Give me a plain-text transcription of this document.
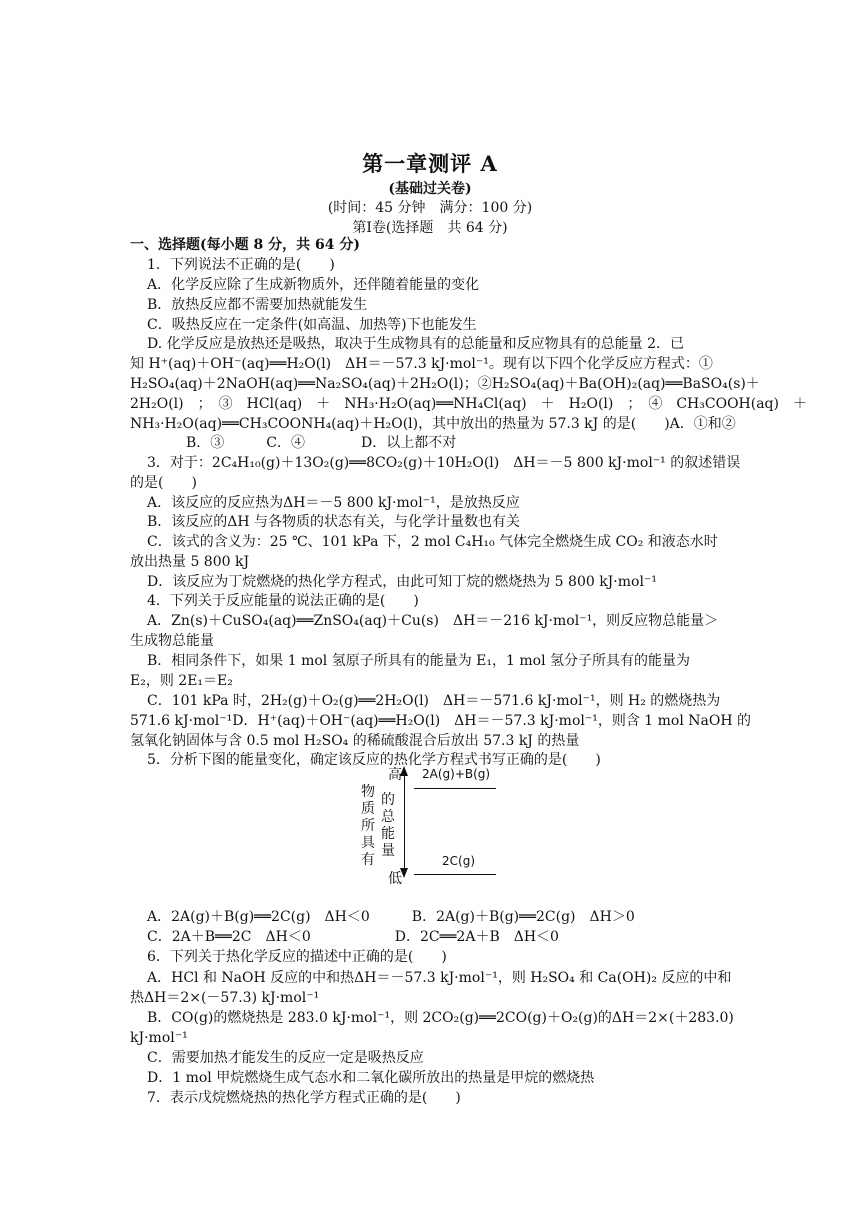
第一章测评 A
(基础过关卷)
(时间：45 分钟　满分：100 分)
第Ⅰ卷(选择题　共 64 分)
一、选择题(每小题 8 分，共 64 分)
1．下列说法不正确的是(　　)
A．化学反应除了生成新物质外，还伴随着能量的变化
B．放热反应都不需要加热就能发生
C．吸热反应在一定条件(如高温、加热等)下也能发生
D. 化学反应是放热还是吸热，取决于生成物具有的总能量和反应物具有的总能量 2．已
知 H⁺(aq)＋OH⁻(aq)══H₂O(l)　ΔH＝－57.3 kJ·mol⁻¹。现有以下四个化学反应方程式：①
H₂SO₄(aq)＋2NaOH(aq)══Na₂SO₄(aq)＋2H₂O(l)；②H₂SO₄(aq)＋Ba(OH)₂(aq)══BaSO₄(s)＋
2H₂O(l)　；　③　HCl(aq)　＋　NH₃·H₂O(aq)══NH₄Cl(aq)　＋　H₂O(l)　；　④　CH₃COOH(aq)　＋
NH₃·H₂O(aq)══CH₃COONH₄(aq)＋H₂O(l)，其中放出的热量为 57.3 kJ 的是(　　)A．①和②
　　　　B．③　　　C．④　　　　D．以上都不对
3．对于：2C₄H₁₀(g)＋13O₂(g)══8CO₂(g)＋10H₂O(l)　ΔH＝－5 800 kJ·mol⁻¹ 的叙述错误
的是(　　)
A．该反应的反应热为ΔH＝－5 800 kJ·mol⁻¹，是放热反应
B．该反应的ΔH 与各物质的状态有关，与化学计量数也有关
C．该式的含义为：25 ℃、101 kPa 下，2 mol C₄H₁₀ 气体完全燃烧生成 CO₂ 和液态水时
放出热量 5 800 kJ
D．该反应为丁烷燃烧的热化学方程式，由此可知丁烷的燃烧热为 5 800 kJ·mol⁻¹
4．下列关于反应能量的说法正确的是(　　)
A．Zn(s)＋CuSO₄(aq)══ZnSO₄(aq)＋Cu(s)　ΔH＝－216 kJ·mol⁻¹，则反应物总能量＞
生成物总能量
B．相同条件下，如果 1 mol 氢原子所具有的能量为 E₁，1 mol 氢分子所具有的能量为
E₂，则 2E₁＝E₂
C．101 kPa 时，2H₂(g)＋O₂(g)══2H₂O(l)　ΔH＝－571.6 kJ·mol⁻¹，则 H₂ 的燃烧热为
571.6 kJ·mol⁻¹D．H⁺(aq)＋OH⁻(aq)══H₂O(l)　ΔH＝－57.3 kJ·mol⁻¹，则含 1 mol NaOH 的
氢氧化钠固体与含 0.5 mol H₂SO₄ 的稀硫酸混合后放出 57.3 kJ 的热量
5．分析下图的能量变化，确定该反应的热化学方程式书写正确的是(　　)
物质所具有
的总能量
高
低
2A(g)+B(g)
2C(g)
A．2A(g)＋B(g)══2C(g)　ΔH＜0　　　B．2A(g)＋B(g)══2C(g)　ΔH＞0
C．2A＋B══2C　ΔH＜0　　　　　　D．2C══2A＋B　ΔH＜0
6．下列关于热化学反应的描述中正确的是(　　)
A．HCl 和 NaOH 反应的中和热ΔH＝－57.3 kJ·mol⁻¹，则 H₂SO₄ 和 Ca(OH)₂ 反应的中和
热ΔH＝2×(－57.3) kJ·mol⁻¹
B．CO(g)的燃烧热是 283.0 kJ·mol⁻¹，则 2CO₂(g)══2CO(g)＋O₂(g)的ΔH＝2×(＋283.0)
kJ·mol⁻¹
C．需要加热才能发生的反应一定是吸热反应
D．1 mol 甲烷燃烧生成气态水和二氧化碳所放出的热量是甲烷的燃烧热
7．表示戊烷燃烧热的热化学方程式正确的是(　　)
